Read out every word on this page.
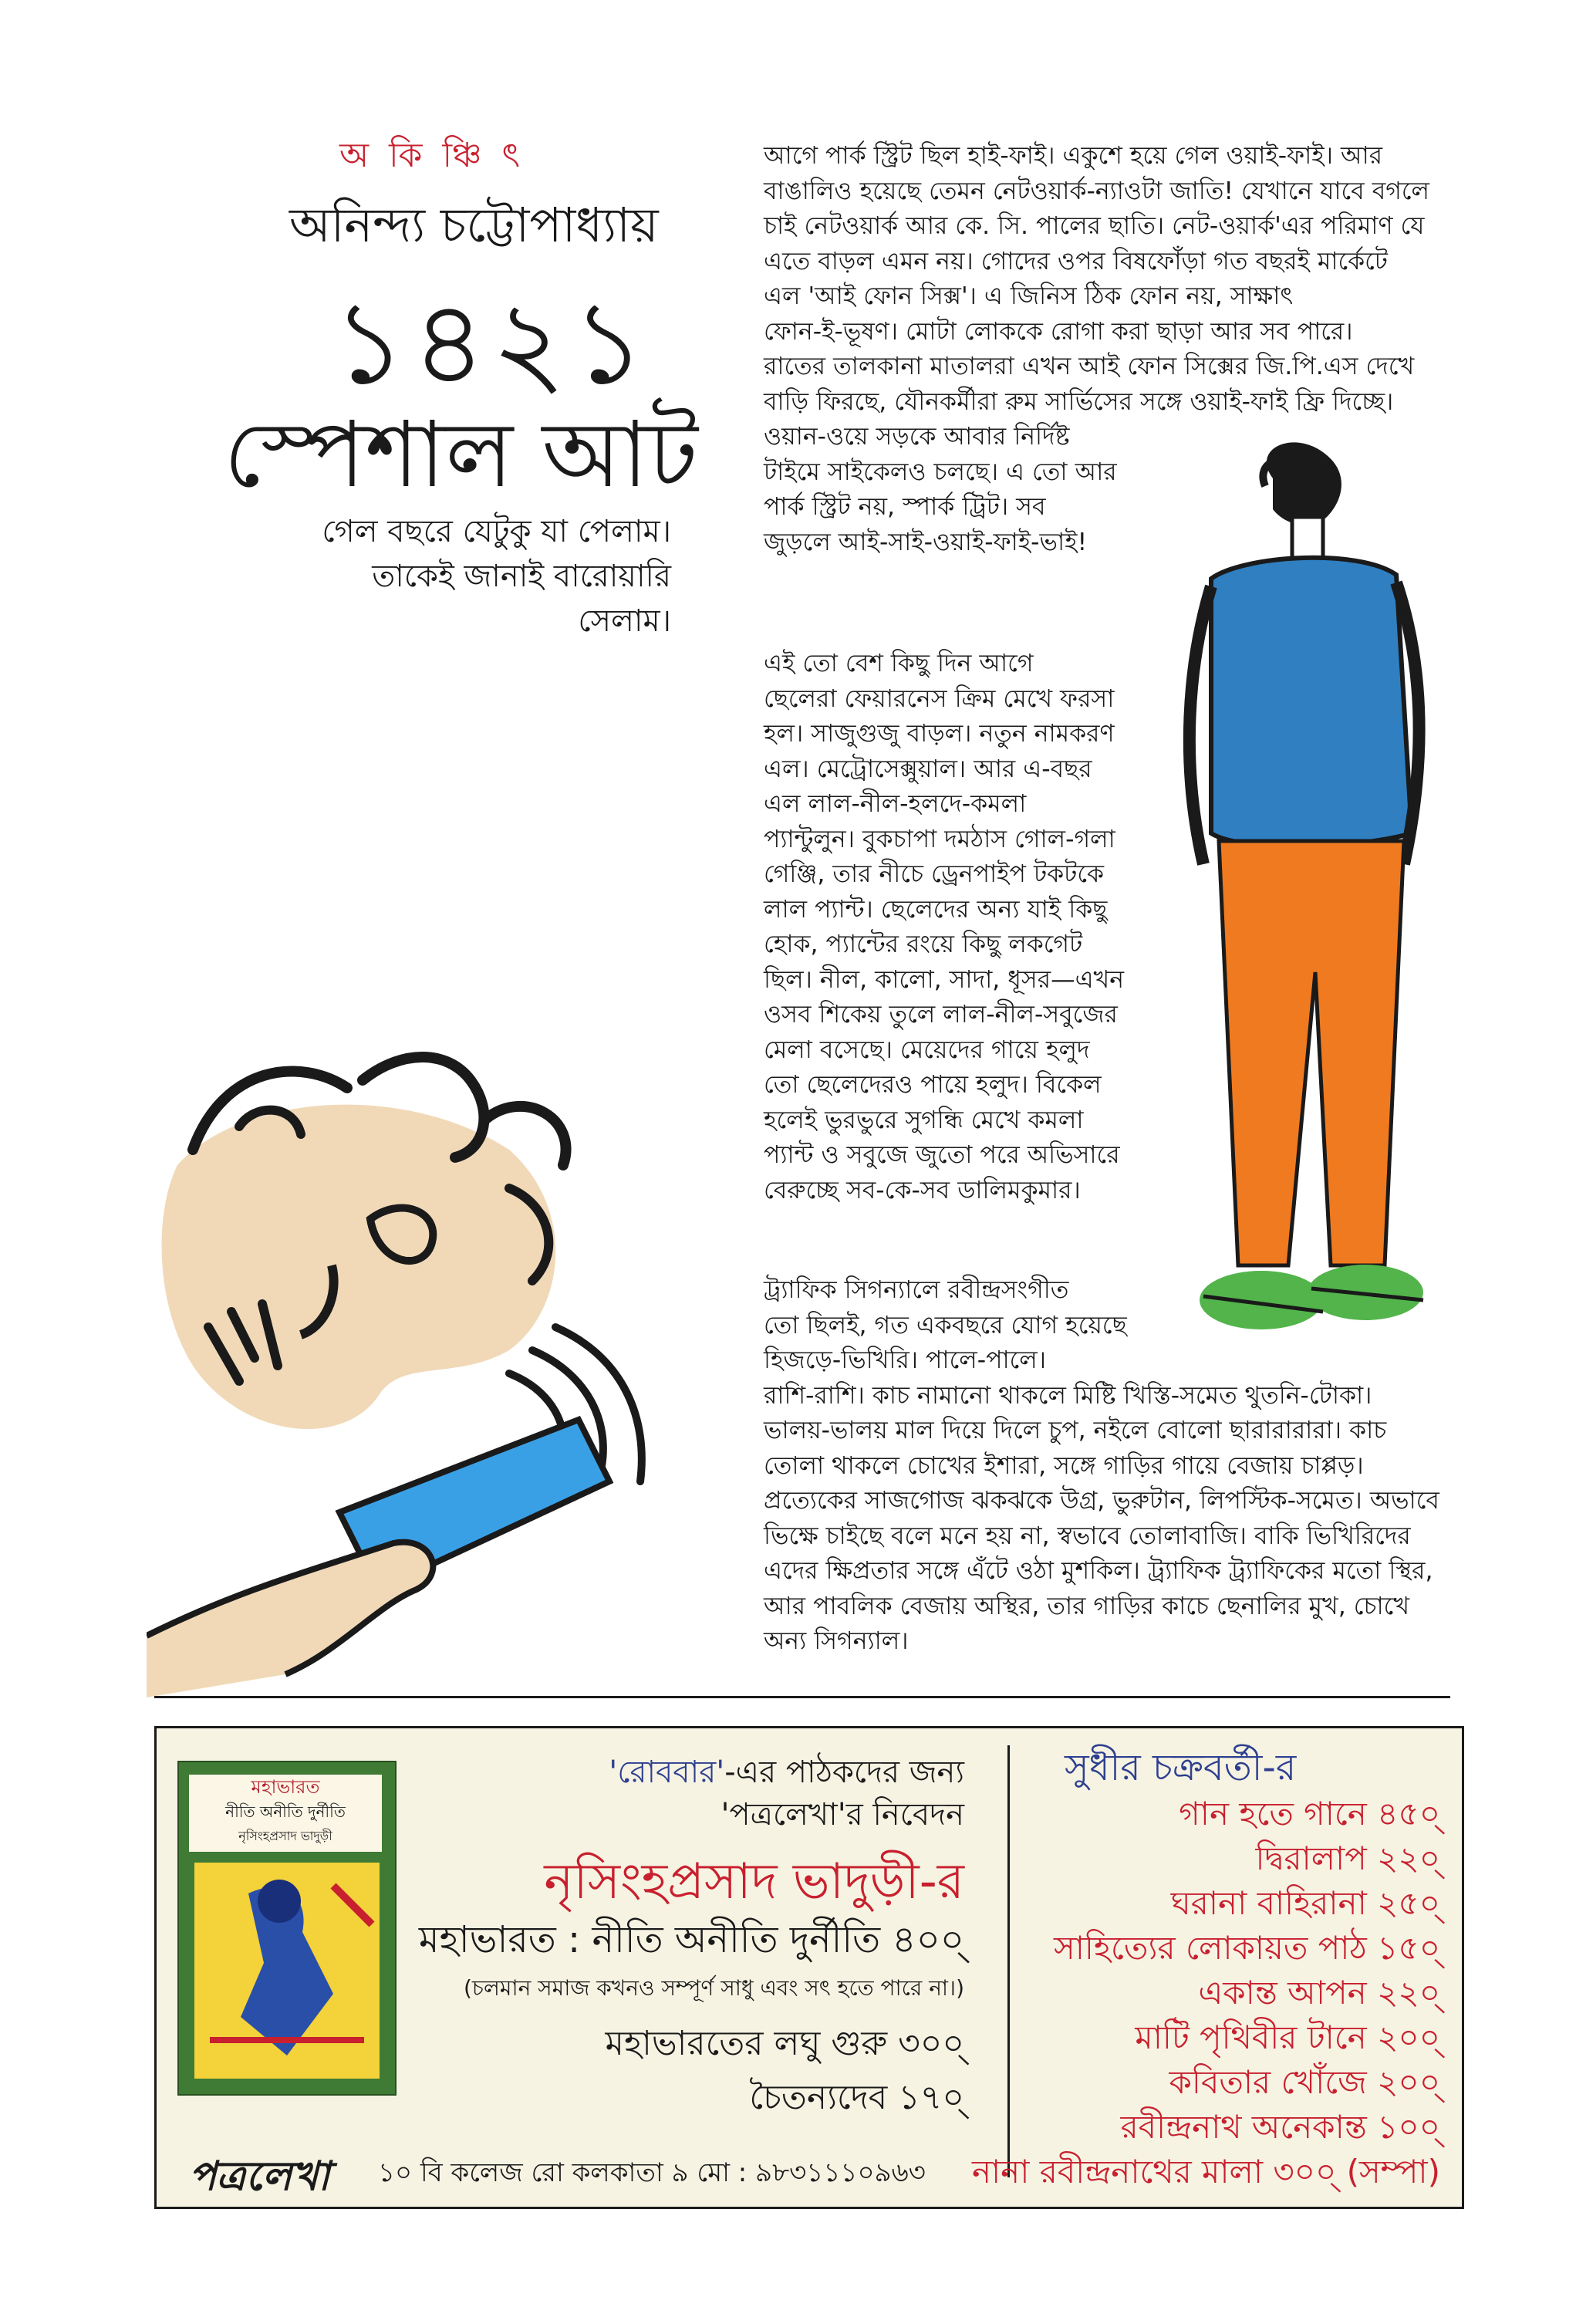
অ কি ঞ্চি ৎ
অনিন্দ্য চট্টোপাধ্যায়
১৪২১
স্পেশাল আট
গেল বছরে যেটুকু যা পেলাম।
তাকেই জানাই বারোয়ারি সেলাম।
আগে পার্ক স্ট্রিট ছিল হাই-ফাই। একুশে হয়ে গেল ওয়াই-ফাই। আর
বাঙালিও হয়েছে তেমন নেটওয়ার্ক-ন্যাওটা জাতি! যেখানে যাবে বগলে
চাই নেটওয়ার্ক আর কে. সি. পালের ছাতি। নেট-ওয়ার্ক'এর পরিমাণ যে
এতে বাড়ল এমন নয়। গোদের ওপর বিষফোঁড়া গত বছরই মার্কেটে
এল 'আই ফোন সিক্স'। এ জিনিস ঠিক ফোন নয়, সাক্ষাৎ
ফোন-ই-ভূষণ। মোটা লোককে রোগা করা ছাড়া আর সব পারে।
রাতের তালকানা মাতালরা এখন আই ফোন সিক্সের জি.পি.এস দেখে
বাড়ি ফিরছে, যৌনকর্মীরা রুম সার্ভিসের সঙ্গে ওয়াই-ফাই ফ্রি দিচ্ছে।
ওয়ান-ওয়ে সড়কে আবার নির্দিষ্ট
টাইমে সাইকেলও চলছে। এ তো আর
পার্ক স্ট্রিট নয়, স্পার্ক ট্রিট। সব
জুড়লে আই-সাই-ওয়াই-ফাই-ভাই!
এই তো বেশ কিছু দিন আগে
ছেলেরা ফেয়ারনেস ক্রিম মেখে ফরসা
হল। সাজুগুজু বাড়ল। নতুন নামকরণ
এল। মেট্রোসেক্সুয়াল। আর এ-বছর
এল লাল-নীল-হলদে-কমলা
প্যান্টুলুন। বুকচাপা দমঠাস গোল-গলা
গেঞ্জি, তার নীচে ড্রেনপাইপ টকটকে
লাল প্যান্ট। ছেলেদের অন্য যাই কিছু
হোক, প্যান্টের রংয়ে কিছু লকগেট
ছিল। নীল, কালো, সাদা, ধূসর—এখন
ওসব শিকেয় তুলে লাল-নীল-সবুজের
মেলা বসেছে। মেয়েদের গায়ে হলুদ
তো ছেলেদেরও পায়ে হলুদ। বিকেল
হলেই ভুরভুরে সুগন্ধি মেখে কমলা
প্যান্ট ও সবুজে জুতো পরে অভিসারে
বেরুচ্ছে সব-কে-সব ডালিমকুমার।
ট্র্যাফিক সিগন্যালে রবীন্দ্রসংগীত
তো ছিলই, গত একবছরে যোগ হয়েছে
হিজড়ে-ভিখিরি। পালে-পালে।
রাশি-রাশি। কাচ নামানো থাকলে মিষ্টি খিস্তি-সমেত থুতনি-টোকা।
ভালয়-ভালয় মাল দিয়ে দিলে চুপ, নইলে বোলো ছারারারারা। কাচ
তোলা থাকলে চোখের ইশারা, সঙ্গে গাড়ির গায়ে বেজায় চাপ্পড়।
প্রত্যেকের সাজগোজ ঝকঝকে উগ্র, ভুরুটান, লিপস্টিক-সমেত। অভাবে
ভিক্ষে চাইছে বলে মনে হয় না, স্বভাবে তোলাবাজি। বাকি ভিখিরিদের
এদের ক্ষিপ্রতার সঙ্গে এঁটে ওঠা মুশকিল। ট্র্যাফিক ট্র্যাফিকের মতো স্থির,
আর পাবলিক বেজায় অস্থির, তার গাড়ির কাচে ছেনালির মুখ, চোখে
অন্য সিগন্যাল।
মহাভারত
নীতি অনীতি দুর্নীতি
নৃসিংহপ্রসাদ ভাদুড়ী
'রোববার'-এর পাঠকদের জন্য
'পত্রলেখা'র নিবেদন
নৃসিংহপ্রসাদ ভাদুড়ী-র
মহাভারত : নীতি অনীতি দুর্নীতি ৪০০্
(চলমান সমাজ কখনও সম্পূর্ণ সাধু এবং সৎ হতে পারে না।)
মহাভারতের লঘু গুরু ৩০০্
চৈতন্যদেব ১৭০্
পত্রলেখা ১০ বি কলেজ রো কলকাতা ৯ মো : ৯৮৩১১১০৯৬৩
সুধীর চক্রবর্তী-র
গান হতে গানে ৪৫০্
দ্বিরালাপ ২২০্
ঘরানা বাহিরানা ২৫০্
সাহিত্যের লোকায়ত পাঠ ১৫০্
একান্ত আপন ২২০্
মাটি পৃথিবীর টানে ২০০্
কবিতার খোঁজে ২০০্
রবীন্দ্রনাথ অনেকান্ত ১০০্
নানা রবীন্দ্রনাথের মালা ৩০০্ (সম্পা)
